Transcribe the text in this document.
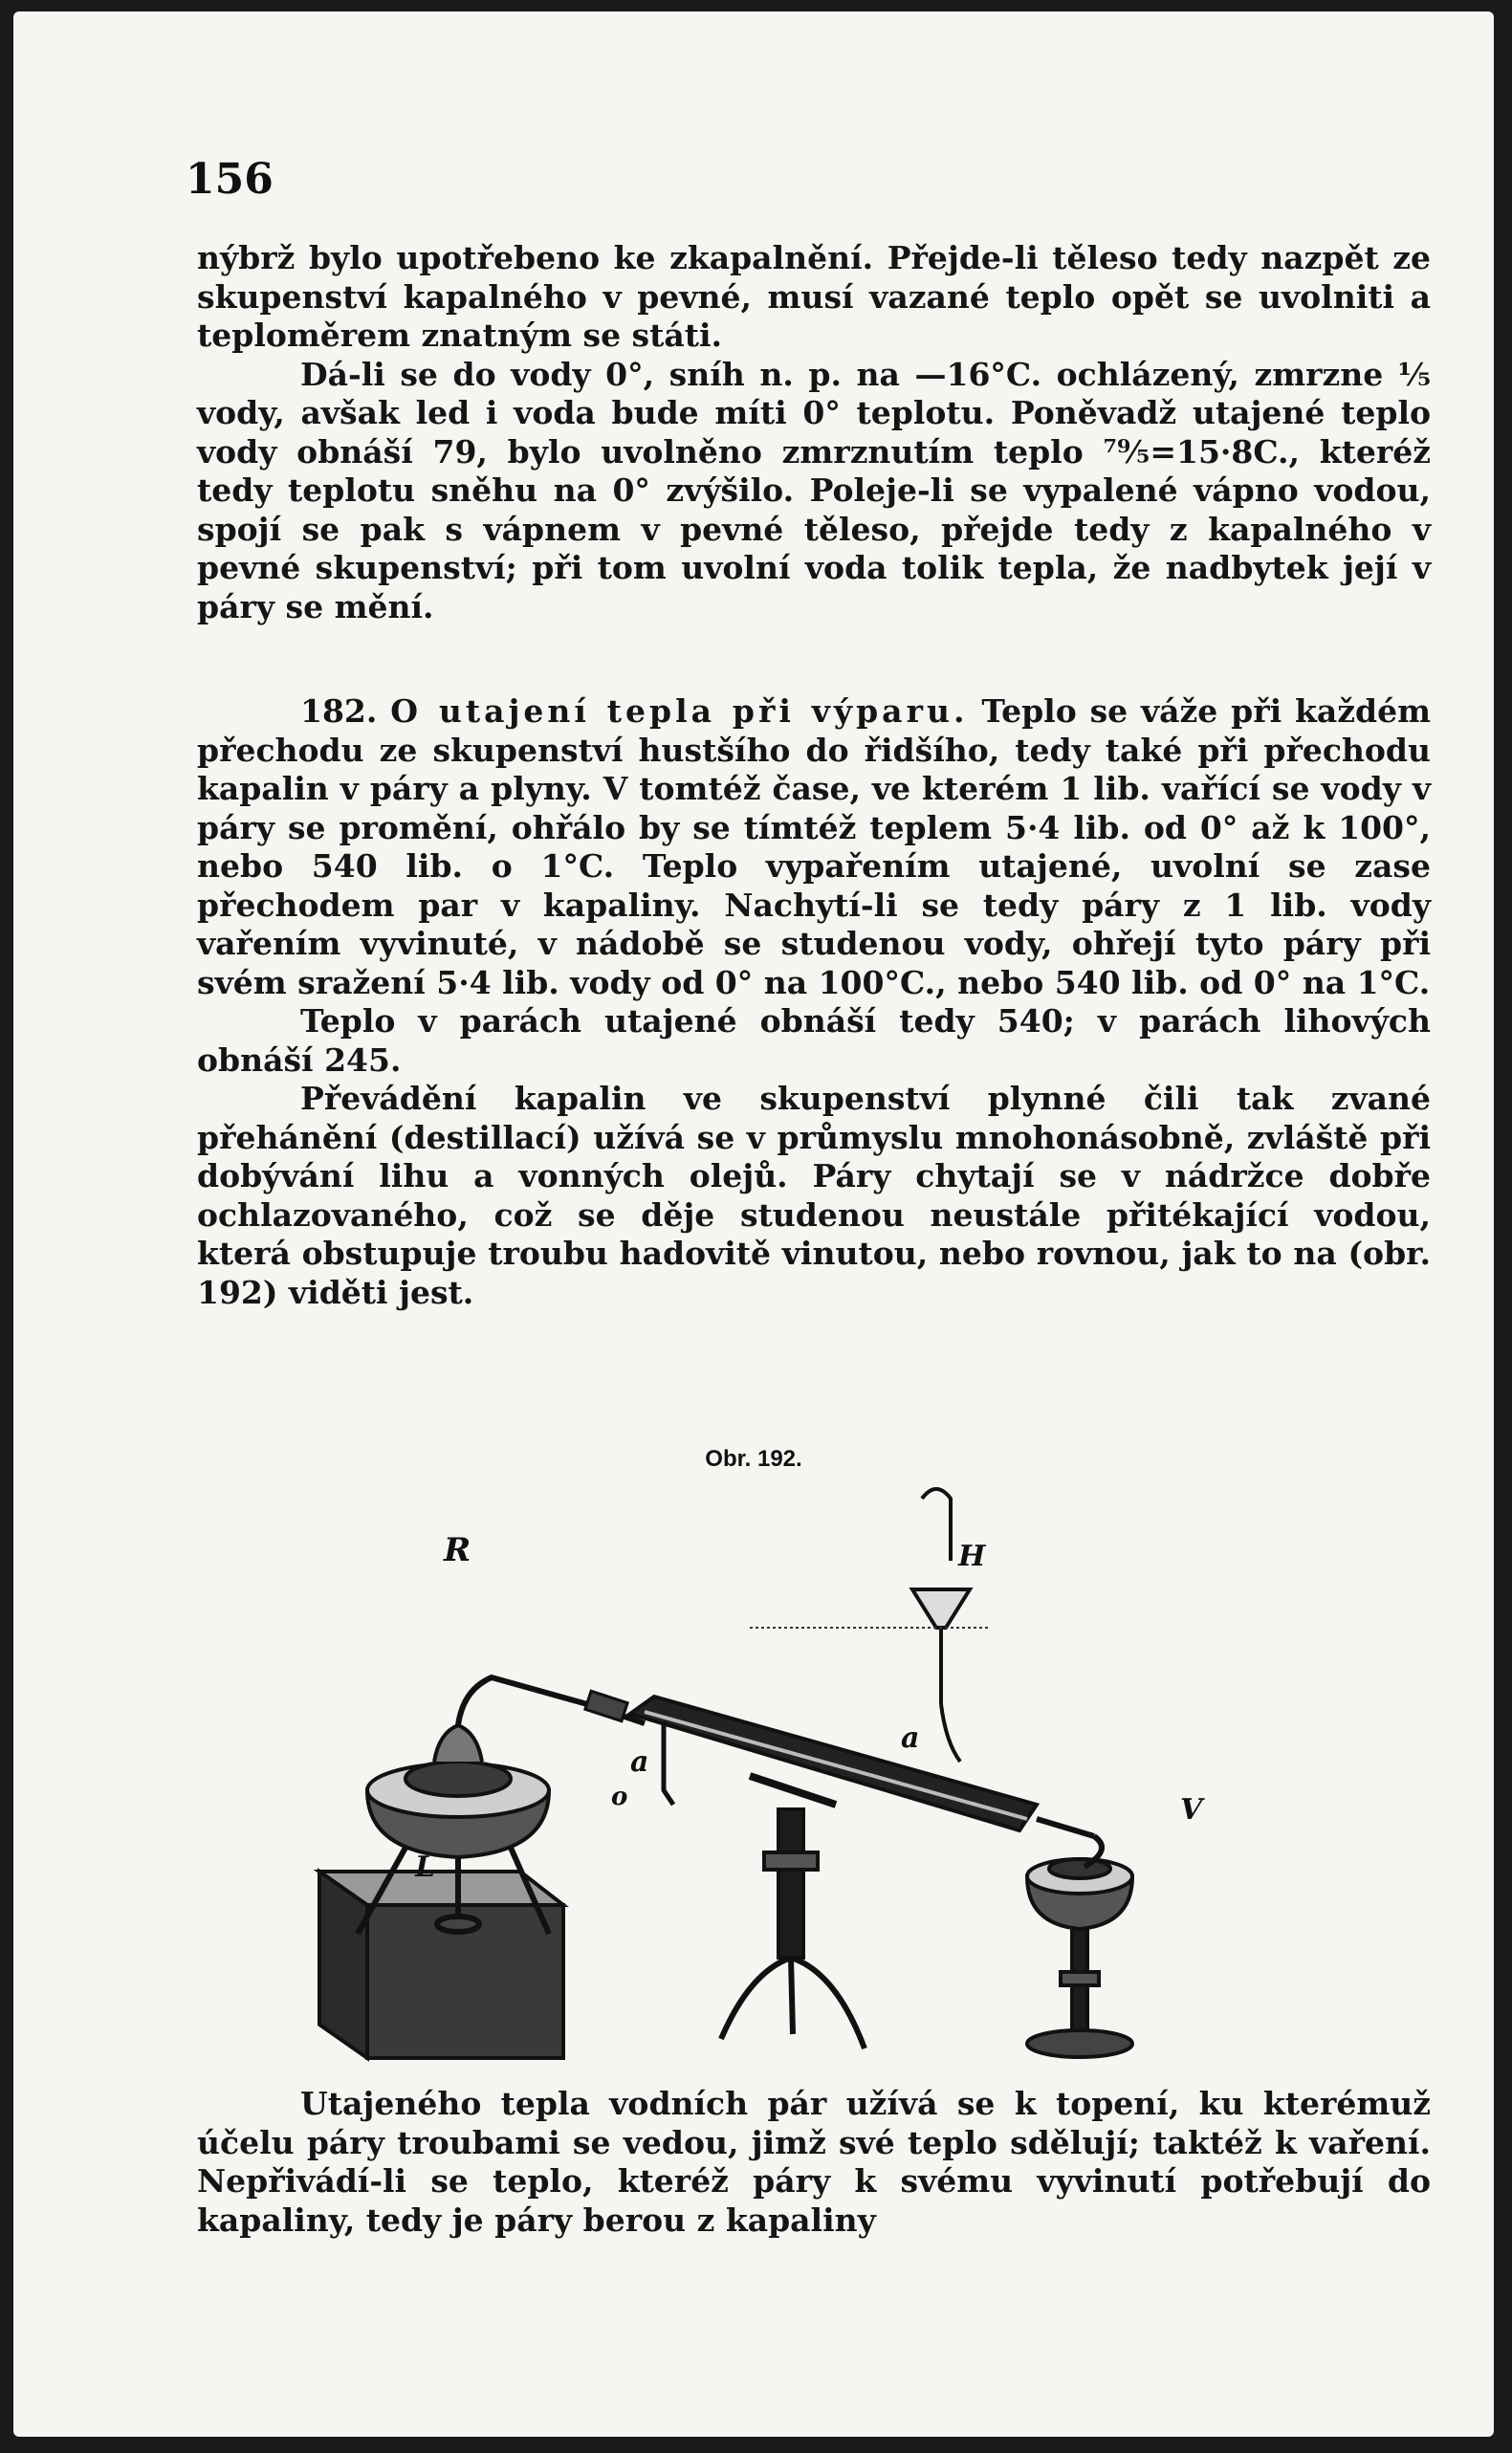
156

nýbrž bylo upotřebeno ke zkapalnění. Přejde-li těleso tedy nazpět ze skupenství kapalného v pevné, musí vazané teplo opět se uvolniti a teploměrem znatným se státi.

Dá-li se do vody 0°, sníh n. p. na —16°C. ochlázený, zmrzne ⅕ vody, avšak led i voda bude míti 0° teplotu. Poněvadž utajené teplo vody obnáší 79, bylo uvolněno zmrznutím teplo ⁷⁹⁄₅=15·8C., kteréž tedy teplotu sněhu na 0° zvýšilo. Poleje-li se vypalené vápno vodou, spojí se pak s vápnem v pevné těleso, přejde tedy z kapalného v pevné skupenství; při tom uvolní voda tolik tepla, že nadbytek její v páry se mění.

182. O utajení tepla při výparu. Teplo se váže při každém přechodu ze skupenství hustšího do řidšího, tedy také při přechodu kapalin v páry a plyny. V tomtéž čase, ve kterém 1 lib. vařící se vody v páry se promění, ohřálo by se tímtéž teplem 5·4 lib. od 0° až k 100°, nebo 540 lib. o 1°C. Teplo vypařením utajené, uvolní se zase přechodem par v kapaliny. Nachytí-li se tedy páry z 1 lib. vody vařením vyvinuté, v nádobě se studenou vody, ohřejí tyto páry při svém sražení 5·4 lib. vody od 0° na 100°C., nebo 540 lib. od 0° na 1°C.

Teplo v parách utajené obnáší tedy 540; v parách lihových obnáší 245.

Převádění kapalin ve skupenství plynné čili tak zvané přehánění (destillací) užívá se v průmyslu mnohonásobně, zvláště při dobývání lihu a vonných olejů. Páry chytají se v nádržce dobře ochlazovaného, což se děje studenou neustále přitékající vodou, která obstupuje troubu hadovitě vinutou, nebo rovnou, jak to na (obr. 192) viděti jest.

Obr. 192.
R	H
a
o
a
L
V

Utajeného tepla vodních pár užívá se k topení, ku kterémuž účelu páry troubami se vedou, jimž své teplo sdělují; taktéž k vaření. Nepřivádí-li se teplo, kteréž páry k svému vyvinutí potřebují do kapaliny, tedy je páry berou z kapaliny
